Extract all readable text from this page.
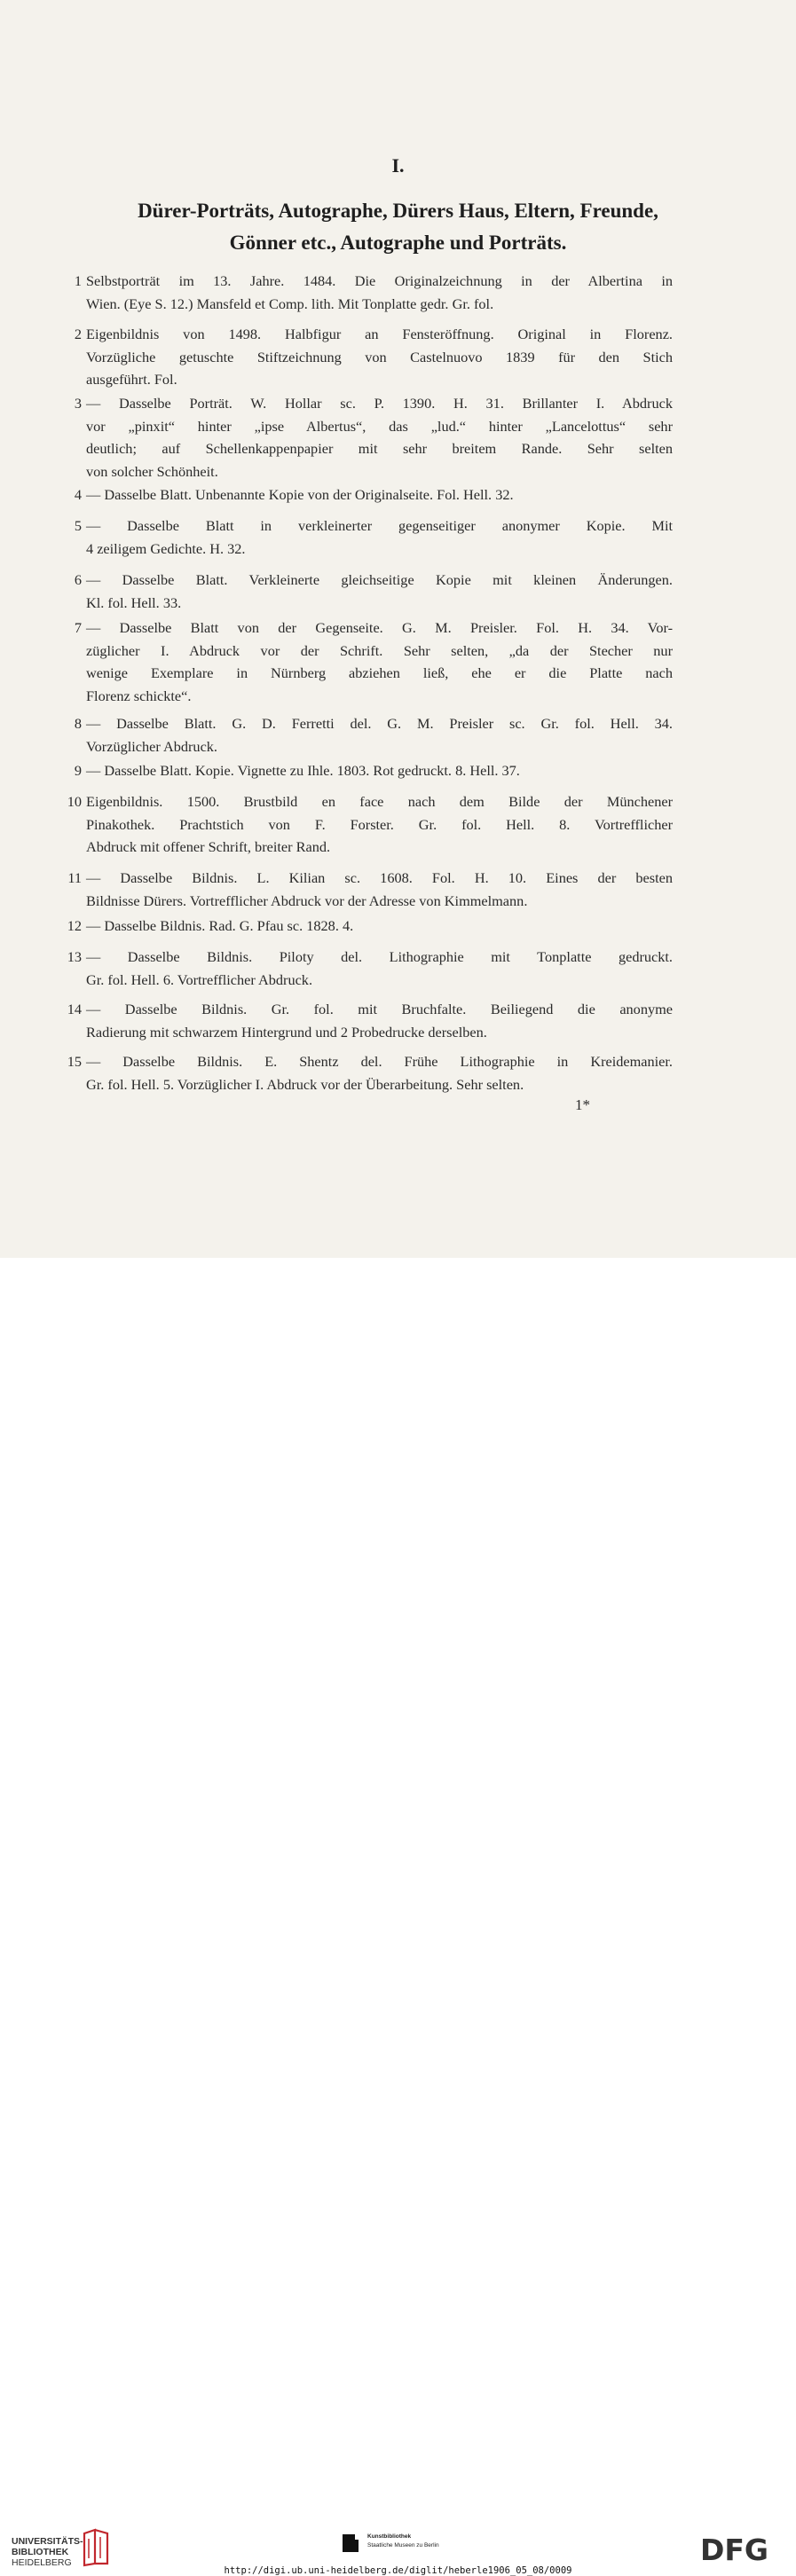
I.
Dürer-Porträts, Autographe, Dürers Haus, Eltern, Freunde,
Gönner etc., Autographe und Porträts.
1 Selbstporträt im 13. Jahre. 1484. Die Originalzeichnung in der Albertina in
Wien. (Eye S. 12.) Mansfeld et Comp. lith. Mit Tonplatte gedr. Gr. fol.
2 Eigenbildnis von 1498. Halbfigur an Fensteröffnung. Original in Florenz.
Vorzügliche getuschte Stiftzeichnung von Castelnuovo 1839 für den Stich
ausgeführt. Fol.
3 — Dasselbe Porträt. W. Hollar sc. P. 1390. H. 31. Brillanter I. Abdruck
vor „pinxit“ hinter „ipse Albertus“, das „lud.“ hinter „Lancelottus“ sehr
deutlich; auf Schellenkappenpapier mit sehr breitem Rande. Sehr selten
von solcher Schönheit.
4 — Dasselbe Blatt. Unbenannte Kopie von der Originalseite. Fol. Hell. 32.
5 — Dasselbe Blatt in verkleinerter gegenseitiger anonymer Kopie. Mit
4 zeiligem Gedichte. H. 32.
6 — Dasselbe Blatt. Verkleinerte gleichseitige Kopie mit kleinen Änderungen.
Kl. fol. Hell. 33.
7 — Dasselbe Blatt von der Gegenseite. G. M. Preisler. Fol. H. 34. Vor-
züglicher I. Abdruck vor der Schrift. Sehr selten, „da der Stecher nur
wenige Exemplare in Nürnberg abziehen ließ, ehe er die Platte nach
Florenz schickte“.
8 — Dasselbe Blatt. G. D. Ferretti del. G. M. Preisler sc. Gr. fol. Hell. 34.
Vorzüglicher Abdruck.
9 — Dasselbe Blatt. Kopie. Vignette zu Ihle. 1803. Rot gedruckt. 8. Hell. 37.
10 Eigenbildnis. 1500. Brustbild en face nach dem Bilde der Münchener
Pinakothek. Prachtstich von F. Forster. Gr. fol. Hell. 8. Vortrefflicher
Abdruck mit offener Schrift, breiter Rand.
11 — Dasselbe Bildnis. L. Kilian sc. 1608. Fol. H. 10. Eines der besten
Bildnisse Dürers. Vortrefflicher Abdruck vor der Adresse von Kimmelmann.
12 — Dasselbe Bildnis. Rad. G. Pfau sc. 1828. 4.
13 — Dasselbe Bildnis. Piloty del. Lithographie mit Tonplatte gedruckt.
Gr. fol. Hell. 6. Vortrefflicher Abdruck.
14 — Dasselbe Bildnis. Gr. fol. mit Bruchfalte. Beiliegend die anonyme
Radierung mit schwarzem Hintergrund und 2 Probedrucke derselben.
15 — Dasselbe Bildnis. E. Shentz del. Frühe Lithographie in Kreidemanier.
Gr. fol. Hell. 5. Vorzüglicher I. Abdruck vor der Überarbeitung. Sehr selten.
1*
UNIVERSITÄTS-
BIBLIOTHEK
HEIDELBERG
Kunstbibliothek
Staatliche Museen zu Berlin	DFG
http://digi.ub.uni-heidelberg.de/diglit/heberle1906_05_08/0009
